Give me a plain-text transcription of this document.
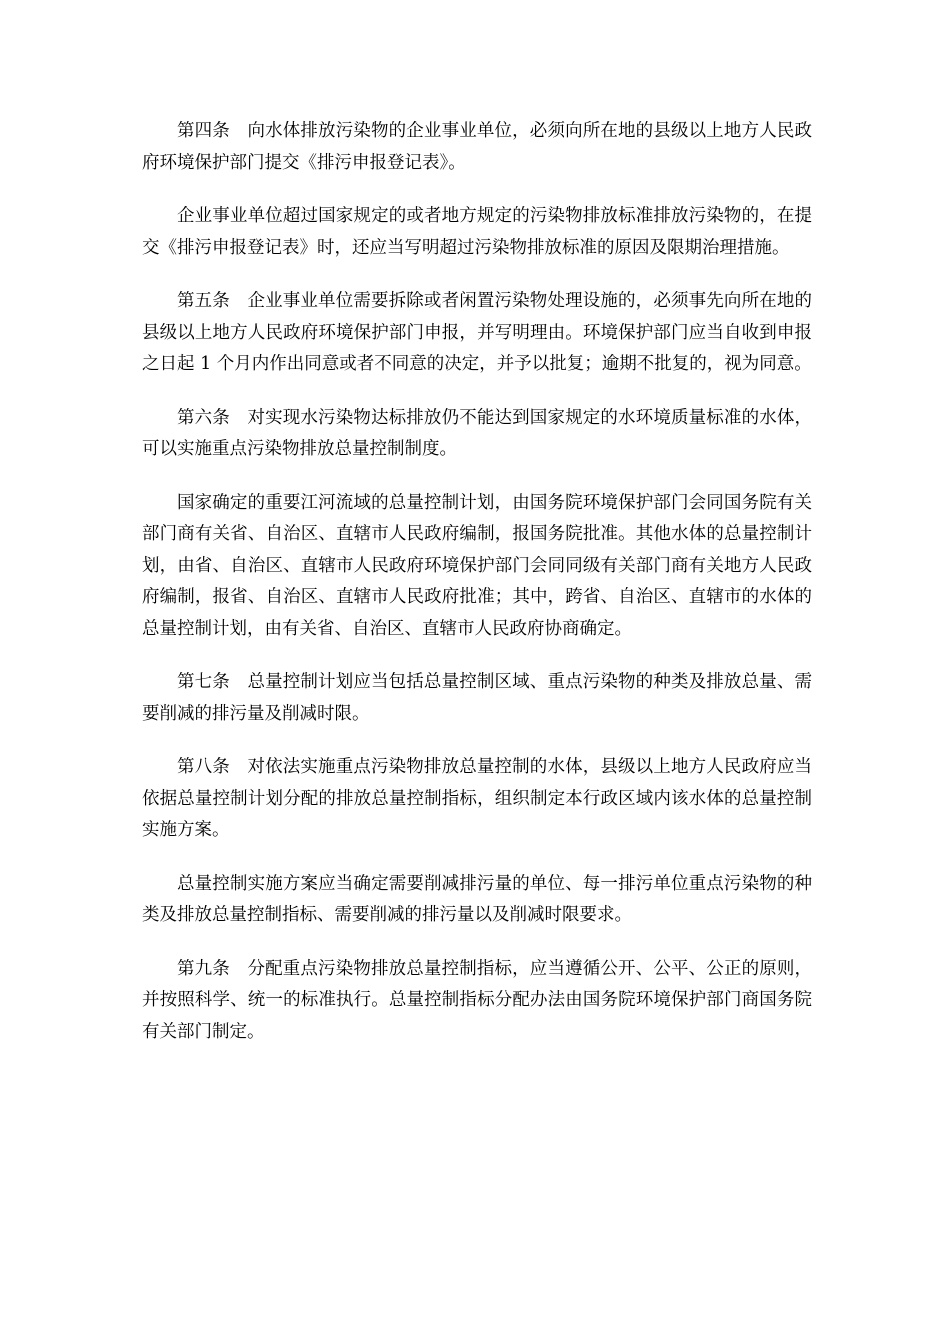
第四条 向水体排放污染物的企业事业单位，必须向所在地的县级以上地方人民政府环境保护部门提交《排污申报登记表》。

企业事业单位超过国家规定的或者地方规定的污染物排放标准排放污染物的，在提交《排污申报登记表》时，还应当写明超过污染物排放标准的原因及限期治理措施。

第五条 企业事业单位需要拆除或者闲置污染物处理设施的，必须事先向所在地的县级以上地方人民政府环境保护部门申报，并写明理由。环境保护部门应当自收到申报之日起 1 个月内作出同意或者不同意的决定，并予以批复；逾期不批复的，视为同意。

第六条 对实现水污染物达标排放仍不能达到国家规定的水环境质量标准的水体，可以实施重点污染物排放总量控制制度。

国家确定的重要江河流域的总量控制计划，由国务院环境保护部门会同国务院有关部门商有关省、自治区、直辖市人民政府编制，报国务院批准。其他水体的总量控制计划，由省、自治区、直辖市人民政府环境保护部门会同同级有关部门商有关地方人民政府编制，报省、自治区、直辖市人民政府批准；其中，跨省、自治区、直辖市的水体的总量控制计划，由有关省、自治区、直辖市人民政府协商确定。

第七条 总量控制计划应当包括总量控制区域、重点污染物的种类及排放总量、需要削减的排污量及削减时限。

第八条 对依法实施重点污染物排放总量控制的水体，县级以上地方人民政府应当依据总量控制计划分配的排放总量控制指标，组织制定本行政区域内该水体的总量控制实施方案。

总量控制实施方案应当确定需要削减排污量的单位、每一排污单位重点污染物的种类及排放总量控制指标、需要削减的排污量以及削减时限要求。

第九条 分配重点污染物排放总量控制指标，应当遵循公开、公平、公正的原则，并按照科学、统一的标准执行。总量控制指标分配办法由国务院环境保护部门商国务院有关部门制定。
